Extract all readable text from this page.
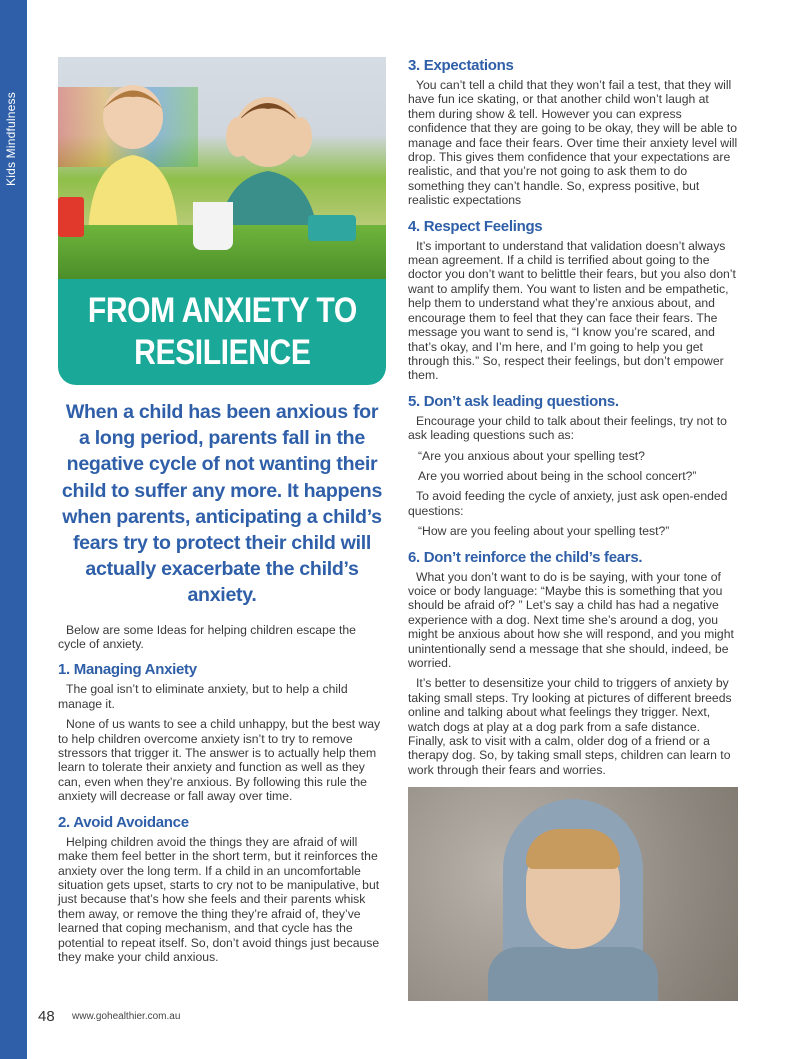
Kids Mindfulness
FROM ANXIETY TO
RESILIENCE

When a child has been anxious for a long period, parents fall in the negative cycle of not wanting their child to suffer any more. It happens when parents, anticipating a child’s fears try to protect their child will actually exacerbate the child’s anxiety.

Below are some Ideas for helping children escape the cycle of anxiety.

1. Managing Anxiety

The goal isn’t to eliminate anxiety, but to help a child manage it.

None of us wants to see a child unhappy, but the best way to help children overcome anxiety isn’t to try to remove stressors that trigger it. The answer is to actually help them learn to tolerate their anxiety and function as well as they can, even when they’re anxious. By following this rule the anxiety will decrease or fall away over time.

2. Avoid Avoidance

Helping children avoid the things they are afraid of will make them feel better in the short term, but it reinforces the anxiety over the long term. If a child in an uncomfortable situation gets upset, starts to cry not to be manipulative, but just because that’s how she feels and their parents whisk them away, or remove the thing they’re afraid of, they’ve learned that coping mechanism, and that cycle has the potential to repeat itself. So, don’t avoid things just because they make your child anxious.

3. Expectations

You can’t tell a child that they won’t fail a test, that they will have fun ice skating, or that another child won’t laugh at them during show & tell. However you can express confidence that they are going to be okay, they will be able to manage and face their fears. Over time their anxiety level will drop. This gives them confidence that your expectations are realistic, and that you’re not going to ask them to do something they can’t handle. So, express positive, but realistic expectations

4. Respect Feelings

It’s important to understand that validation doesn’t always mean agreement. If a child is terrified about going to the doctor you don’t want to belittle their fears, but you also don’t want to amplify them. You want to listen and be empathetic, help them to understand what they’re anxious about, and encourage them to feel that they can face their fears. The message you want to send is, “I know you’re scared, and that’s okay, and I’m here, and I’m going to help you get through this.” So, respect their feelings, but don’t empower them.

5. Don’t ask leading questions.

Encourage your child to talk about their feelings, try not to ask leading questions such as:

“Are you anxious about your spelling test?

Are you worried about being in the school concert?”

To avoid feeding the cycle of anxiety, just ask open-ended questions:

“How are you feeling about your spelling test?”

6. Don’t reinforce the child’s fears.

What you don’t want to do is be saying, with your tone of voice or body language: “Maybe this is something that you should be afraid of? ” Let’s say a child has had a negative experience with a dog. Next time she’s around a dog, you might be anxious about how she will respond, and you might unintentionally send a message that she should, indeed, be worried.

It’s better to desensitize your child to triggers of anxiety by taking small steps. Try looking at pictures of different breeds online and talking about what feelings they trigger. Next, watch dogs at play at a dog park from a safe distance. Finally, ask to visit with a calm, older dog of a friend or a therapy dog. So, by taking small steps, children can learn to work through their fears and worries.

48 www.gohealthier.com.au
